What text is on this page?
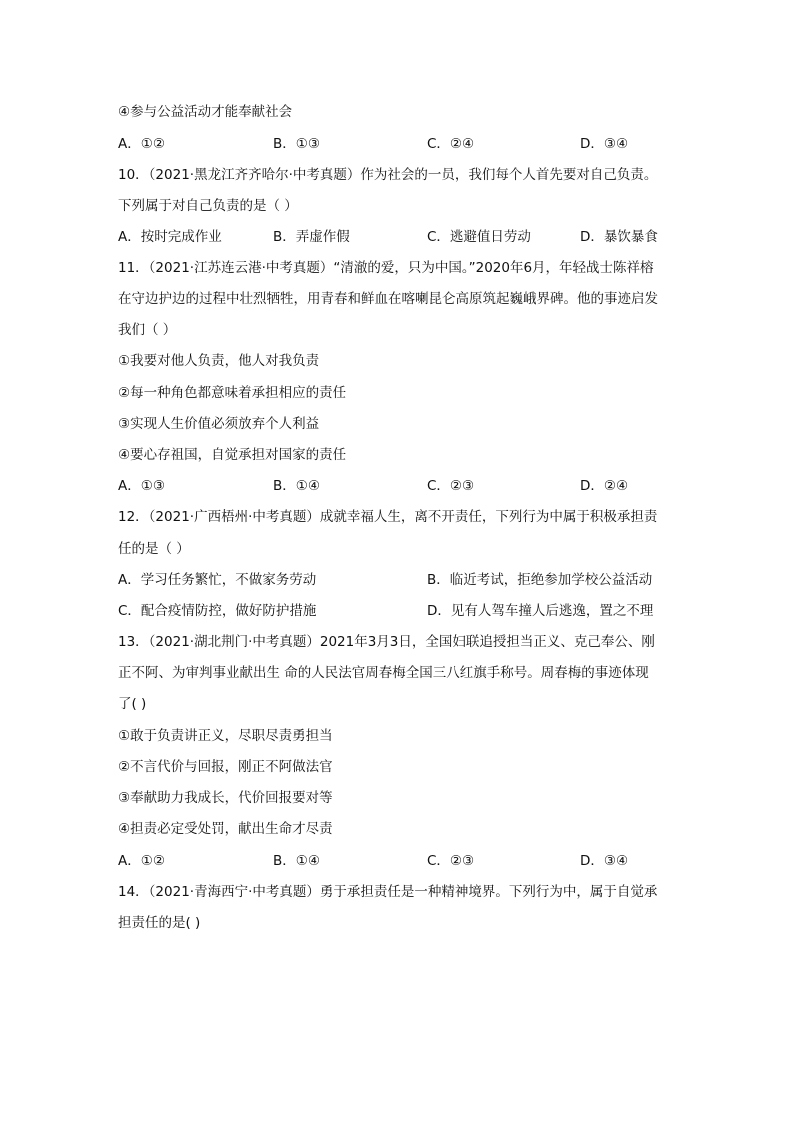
④参与公益活动才能奉献社会
A．①②	B．①③	C．②④	D．③④
10．（2021·黑龙江齐齐哈尔·中考真题）作为社会的一员，我们每个人首先要对自己负责。
下列属于对自己负责的是（ ）
A．按时完成作业	B．弄虚作假	C．逃避值日劳动	D．暴饮暴食
11．（2021·江苏连云港·中考真题）“清澈的爱，只为中国。”2020年6月，年轻战士陈祥榕
在守边护边的过程中壮烈牺牲，用青春和鲜血在喀喇昆仑高原筑起巍峨界碑。他的事迹启发
我们（ ）
①我要对他人负责，他人对我负责
②每一种角色都意味着承担相应的责任
③实现人生价值必须放弃个人利益
④要心存祖国，自觉承担对国家的责任
A．①③	B．①④	C．②③	D．②④
12．（2021·广西梧州·中考真题）成就幸福人生，离不开责任，下列行为中属于积极承担责
任的是（ ）
A．学习任务繁忙，不做家务劳动	B．临近考试，拒绝参加学校公益活动
C．配合疫情防控，做好防护措施	D．见有人驾车撞人后逃逸，置之不理
13．（2021·湖北荆门·中考真题）2021年3月3日，全国妇联追授担当正义、克己奉公、刚
正不阿、为审判事业献出生 命的人民法官周春梅全国三八红旗手称号。周春梅的事迹体现
了( )
①敢于负责讲正义，尽职尽责勇担当
②不言代价与回报，刚正不阿做法官
③奉献助力我成长，代价回报要对等
④担责必定受处罚，献出生命才尽责
A．①②	B．①④	C．②③	D．③④
14．（2021·青海西宁·中考真题）勇于承担责任是一种精神境界。下列行为中，属于自觉承
担责任的是( )
